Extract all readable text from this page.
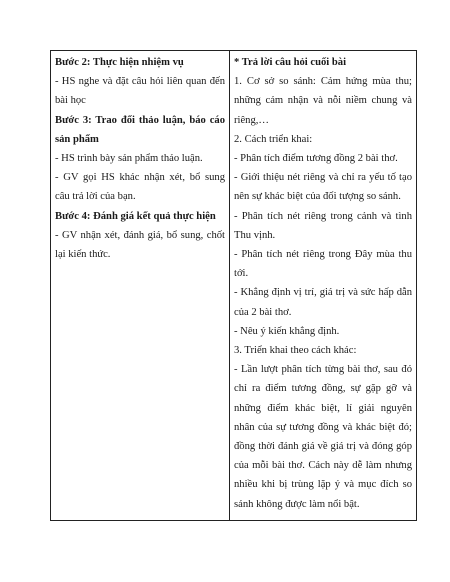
Bước 2: Thực hiện nhiệm vụ
- HS nghe và đặt câu hỏi liên quan đến bài học
Bước 3: Trao đổi thảo luận, báo cáo sản phẩm
- HS trình bày sản phẩm thảo luận.
- GV gọi HS khác nhận xét, bổ sung câu trả lời của bạn.
Bước 4: Đánh giá kết quả thực hiện
- GV nhận xét, đánh giá, bổ sung, chốt lại kiến thức.

* Trả lời câu hỏi cuối bài
1. Cơ sở so sánh: Cảm hứng mùa thu; những cảm nhận và nỗi niềm chung và riêng,…
2. Cách triển khai:
- Phân tích điểm tương đồng 2 bài thơ.
- Giới thiệu nét riêng và chỉ ra yếu tố tạo nên sự khác biệt của đối tượng so sánh.
- Phân tích nét riêng trong cảnh và tình Thu vịnh.
- Phân tích nét riêng trong Đây mùa thu tới.
- Khẳng định vị trí, giá trị và sức hấp dẫn của 2 bài thơ.
- Nêu ý kiến khẳng định.
3. Triển khai theo cách khác:
- Lần lượt phân tích từng bài thơ, sau đó chỉ ra điểm tương đồng, sự gặp gỡ và những điểm khác biệt, lí giải nguyên nhân của sự tương đồng và khác biệt đó; đồng thời đánh giá về giá trị và đóng góp của mỗi bài thơ. Cách này dễ làm nhưng nhiều khi bị trùng lặp ý và mục đích so sánh không được làm nổi bật.
